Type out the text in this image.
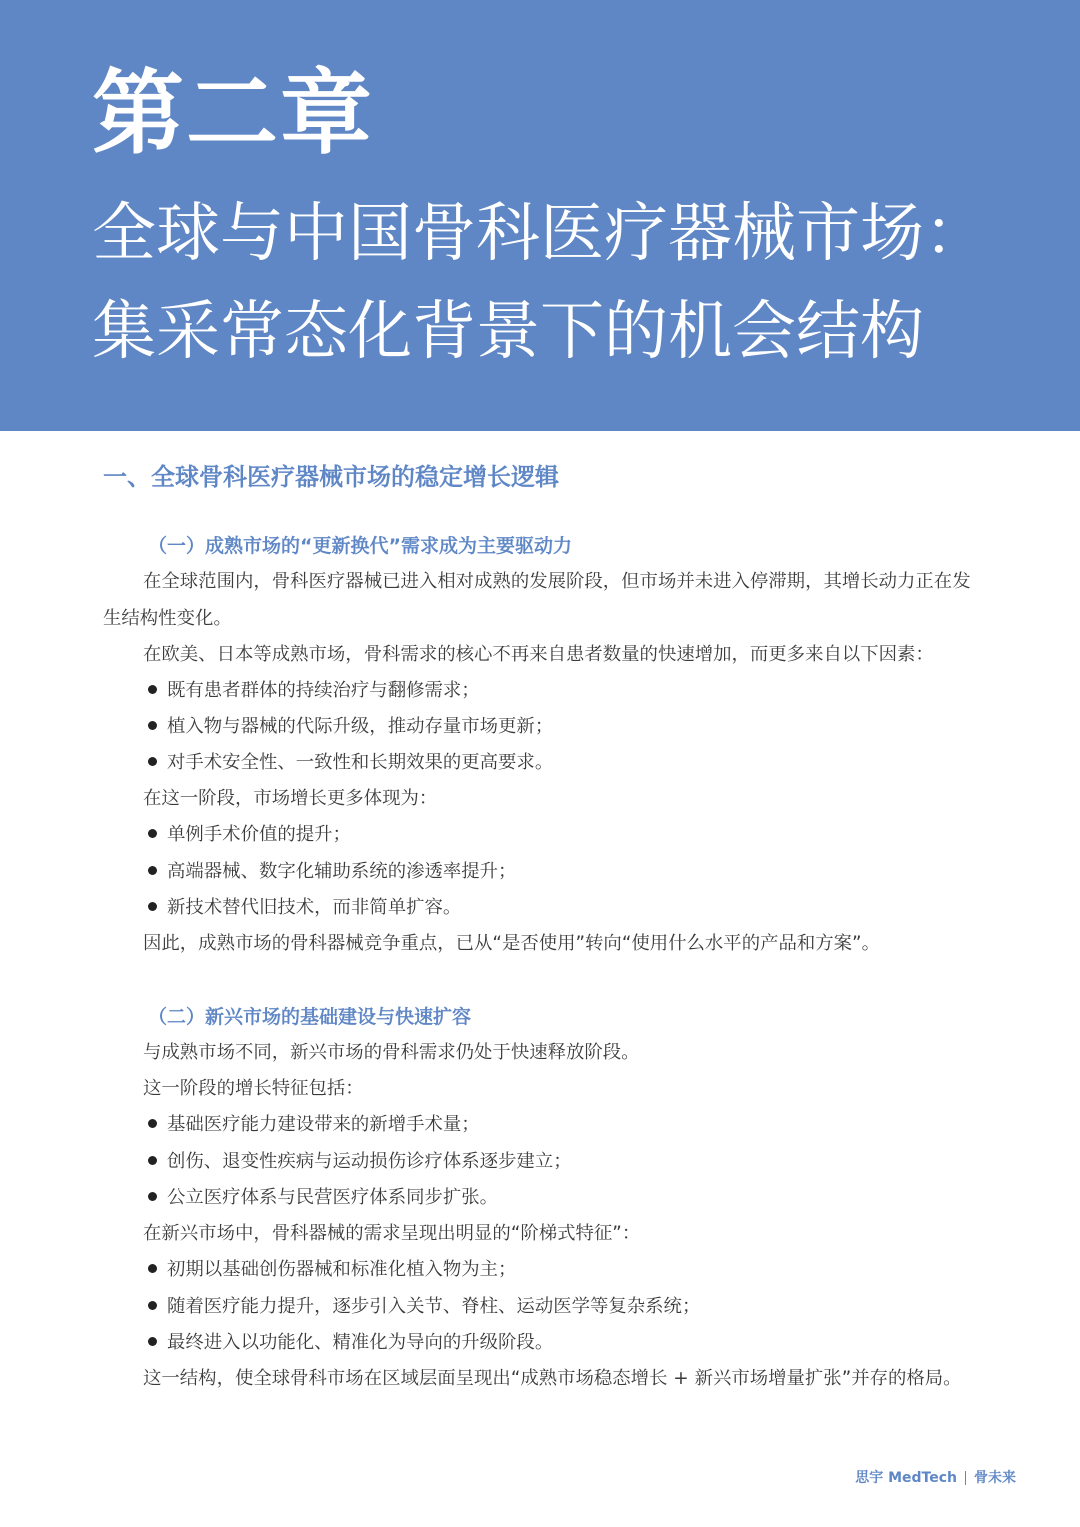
第二章
全球与中国骨科医疗器械市场：
集采常态化背景下的机会结构
一、全球骨科医疗器械市场的稳定增长逻辑
（一）成熟市场的“更新换代”需求成为主要驱动力
在全球范围内，骨科医疗器械已进入相对成熟的发展阶段，但市场并未进入停滞期，其增长动力正在发生结构性变化。
在欧美、日本等成熟市场，骨科需求的核心不再来自患者数量的快速增加，而更多来自以下因素：
既有患者群体的持续治疗与翻修需求；
植入物与器械的代际升级，推动存量市场更新；
对手术安全性、一致性和长期效果的更高要求。
在这一阶段，市场增长更多体现为：
单例手术价值的提升；
高端器械、数字化辅助系统的渗透率提升；
新技术替代旧技术，而非简单扩容。
因此，成熟市场的骨科器械竞争重点，已从“是否使用”转向“使用什么水平的产品和方案”。
（二）新兴市场的基础建设与快速扩容
与成熟市场不同，新兴市场的骨科需求仍处于快速释放阶段。
这一阶段的增长特征包括：
基础医疗能力建设带来的新增手术量；
创伤、退变性疾病与运动损伤诊疗体系逐步建立；
公立医疗体系与民营医疗体系同步扩张。
在新兴市场中，骨科器械的需求呈现出明显的“阶梯式特征”：
初期以基础创伤器械和标准化植入物为主；
随着医疗能力提升，逐步引入关节、脊柱、运动医学等复杂系统；
最终进入以功能化、精准化为导向的升级阶段。
这一结构，使全球骨科市场在区域层面呈现出“成熟市场稳态增长 + 新兴市场增量扩张”并存的格局。
思宇 MedTech 骨未来
